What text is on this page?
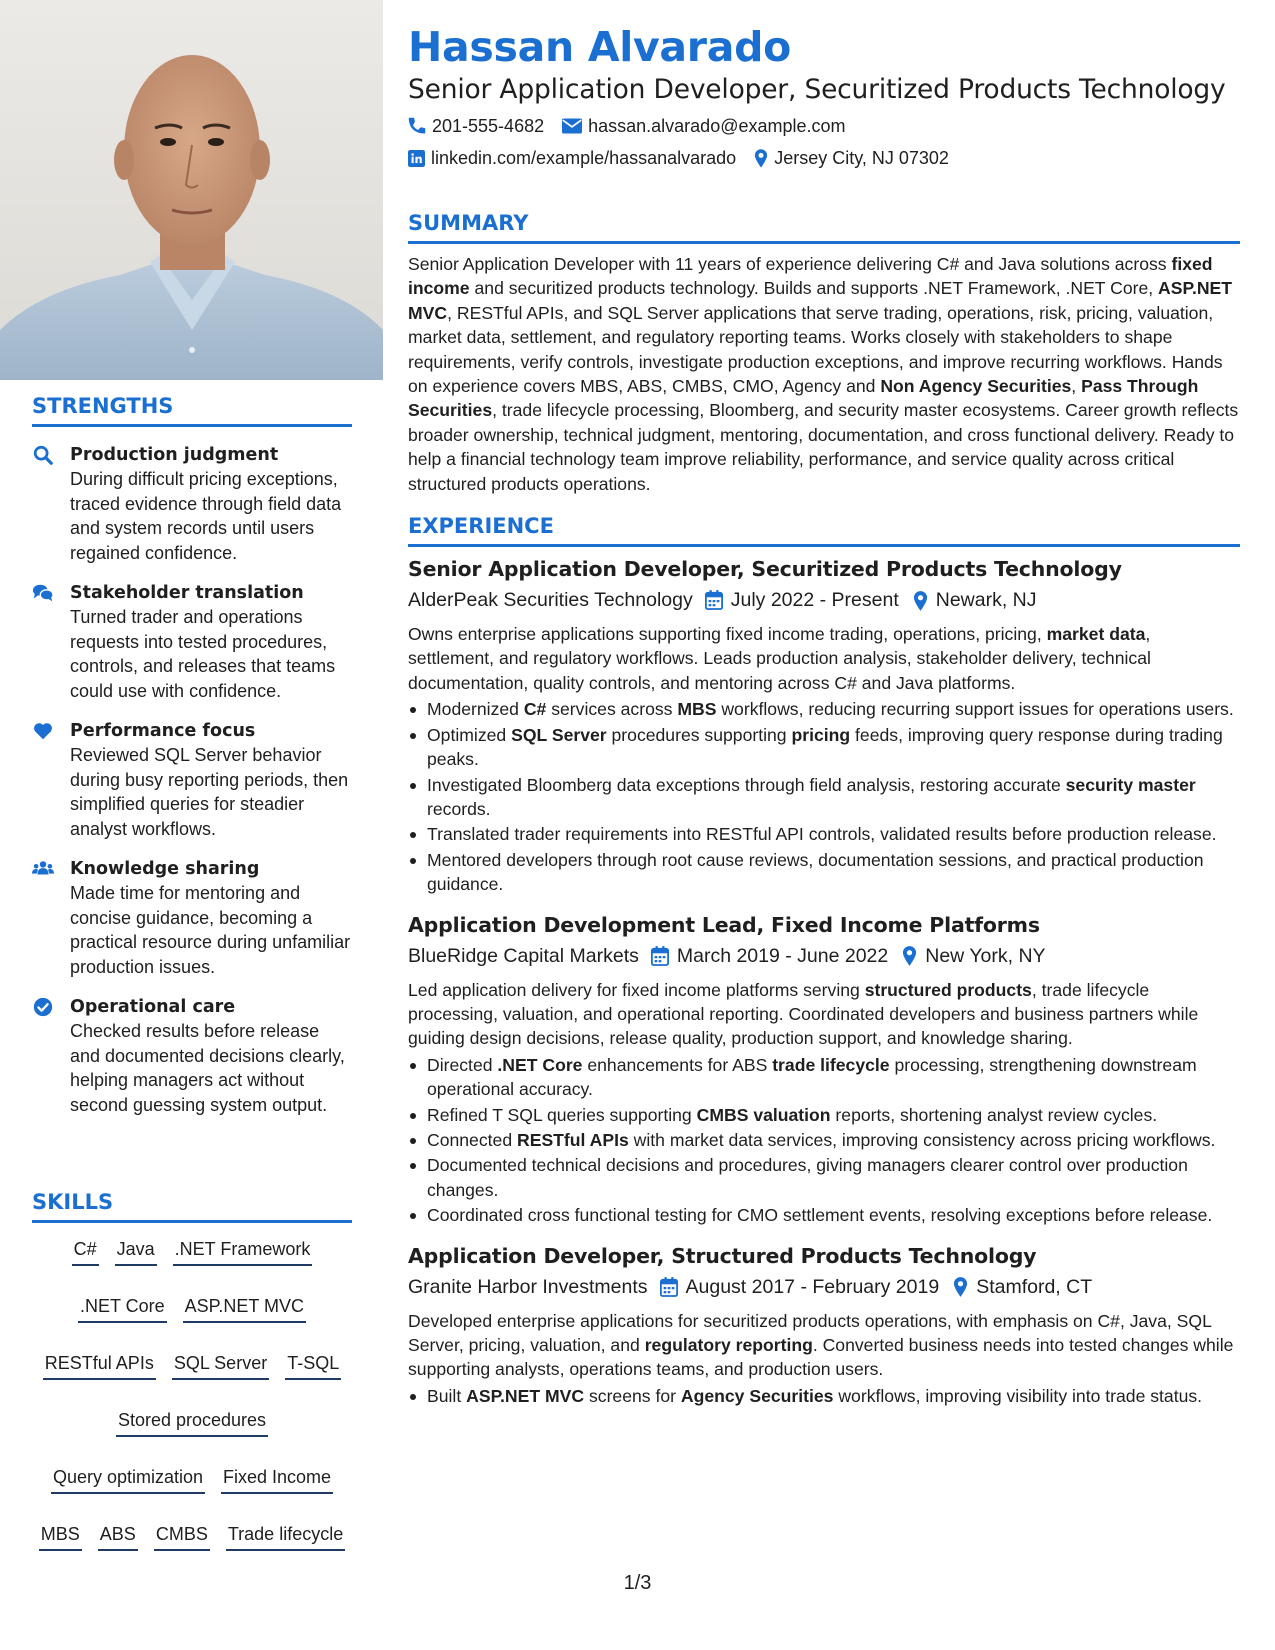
STRENGTHS
Production judgment
During difficult pricing exceptions, traced evidence through field data and system records until users regained confidence.
Stakeholder translation
Turned trader and operations requests into tested procedures, controls, and releases that teams could use with confidence.
Performance focus
Reviewed SQL Server behavior during busy reporting periods, then simplified queries for steadier analyst workflows.
Knowledge sharing
Made time for mentoring and concise guidance, becoming a practical resource during unfamiliar production issues.
Operational care
Checked results before release and documented decisions clearly, helping managers act without second guessing system output.
SKILLS
C# Java .NET Framework
.NET Core ASP.NET MVC
RESTful APIs SQL Server T-SQL
Stored procedures
Query optimization Fixed Income
MBS ABS CMBS Trade lifecycle
Hassan Alvarado
Senior Application Developer, Securitized Products Technology
201-555-4682 hassan.alvarado@example.com
linkedin.com/example/hassanalvarado Jersey City, NJ 07302
SUMMARY
Senior Application Developer with 11 years of experience delivering C# and Java solutions across fixed income and securitized products technology. Builds and supports .NET Framework, .NET Core, ASP.NET MVC, RESTful APIs, and SQL Server applications that serve trading, operations, risk, pricing, valuation, market data, settlement, and regulatory reporting teams. Works closely with stakeholders to shape requirements, verify controls, investigate production exceptions, and improve recurring workflows. Hands on experience covers MBS, ABS, CMBS, CMO, Agency and Non Agency Securities, Pass Through Securities, trade lifecycle processing, Bloomberg, and security master ecosystems. Career growth reflects broader ownership, technical judgment, mentoring, documentation, and cross functional delivery. Ready to help a financial technology team improve reliability, performance, and service quality across critical structured products operations.
EXPERIENCE
Senior Application Developer, Securitized Products Technology
AlderPeak Securities Technology July 2022 - Present Newark, NJ
Owns enterprise applications supporting fixed income trading, operations, pricing, market data, settlement, and regulatory workflows. Leads production analysis, stakeholder delivery, technical documentation, quality controls, and mentoring across C# and Java platforms.
Modernized C# services across MBS workflows, reducing recurring support issues for operations users.
Optimized SQL Server procedures supporting pricing feeds, improving query response during trading peaks.
Investigated Bloomberg data exceptions through field analysis, restoring accurate security master records.
Translated trader requirements into RESTful API controls, validated results before production release.
Mentored developers through root cause reviews, documentation sessions, and practical production guidance.
Application Development Lead, Fixed Income Platforms
BlueRidge Capital Markets March 2019 - June 2022 New York, NY
Led application delivery for fixed income platforms serving structured products, trade lifecycle processing, valuation, and operational reporting. Coordinated developers and business partners while guiding design decisions, release quality, production support, and knowledge sharing.
Directed .NET Core enhancements for ABS trade lifecycle processing, strengthening downstream operational accuracy.
Refined T SQL queries supporting CMBS valuation reports, shortening analyst review cycles.
Connected RESTful APIs with market data services, improving consistency across pricing workflows.
Documented technical decisions and procedures, giving managers clearer control over production changes.
Coordinated cross functional testing for CMO settlement events, resolving exceptions before release.
Application Developer, Structured Products Technology
Granite Harbor Investments August 2017 - February 2019 Stamford, CT
Developed enterprise applications for securitized products operations, with emphasis on C#, Java, SQL Server, pricing, valuation, and regulatory reporting. Converted business needs into tested changes while supporting analysts, operations teams, and production users.
Built ASP.NET MVC screens for Agency Securities workflows, improving visibility into trade status.
1/3
